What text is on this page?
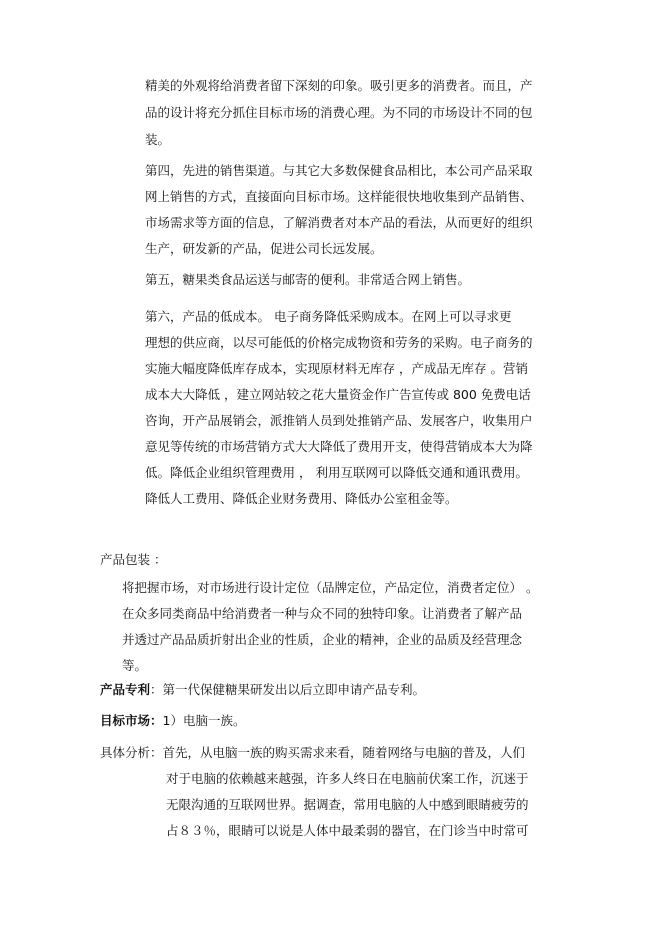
精美的外观将给消费者留下深刻的印象。吸引更多的消费者。而且，产
品的设计将充分抓住目标市场的消费心理。为不同的市场设计不同的包
装。
第四，先进的销售渠道。与其它大多数保健食品相比，本公司产品采取
网上销售的方式，直接面向目标市场。这样能很快地收集到产品销售、
市场需求等方面的信息，了解消费者对本产品的看法，从而更好的组织
生产，研发新的产品，促进公司长远发展。
第五，糖果类食品运送与邮寄的便利。非常适合网上销售。
第六，产品的低成本。 电子商务降低采购成本。在网上可以寻求更
理想的供应商，以尽可能低的价格完成物资和劳务的采购。电子商务的
实施大幅度降低库存成本，实现原材料无库存 ，产成品无库存 。营销
成本大大降低 ，建立网站较之花大量资金作广告宣传或 800 免费电话
咨询，开产品展销会，派推销人员到处推销产品、发展客户，收集用户
意见等传统的市场营销方式大大降低了费用开支，使得营销成本大为降
低。降低企业组织管理费用 ， 利用互联网可以降低交通和通讯费用。
降低人工费用、降低企业财务费用、降低办公室租金等。
产品包装 ：
将把握市场，对市场进行设计定位（品牌定位，产品定位，消费者定位） 。
在众多同类商品中给消费者一种与众不同的独特印象。让消费者了解产品
并透过产品品质折射出企业的性质，企业的精神，企业的品质及经营理念
等。
产品专利：第一代保健糖果研发出以后立即申请产品专利。
目标市场：1）电脑一族。
具体分析：首先，从电脑一族的购买需求来看，随着网络与电脑的普及，人们
对于电脑的依赖越来越强，许多人终日在电脑前伏案工作，沉迷于
无限沟通的互联网世界。据调查，常用电脑的人中感到眼睛疲劳的
占８３％，眼睛可以说是人体中最柔弱的器官，在门诊当中时常可
